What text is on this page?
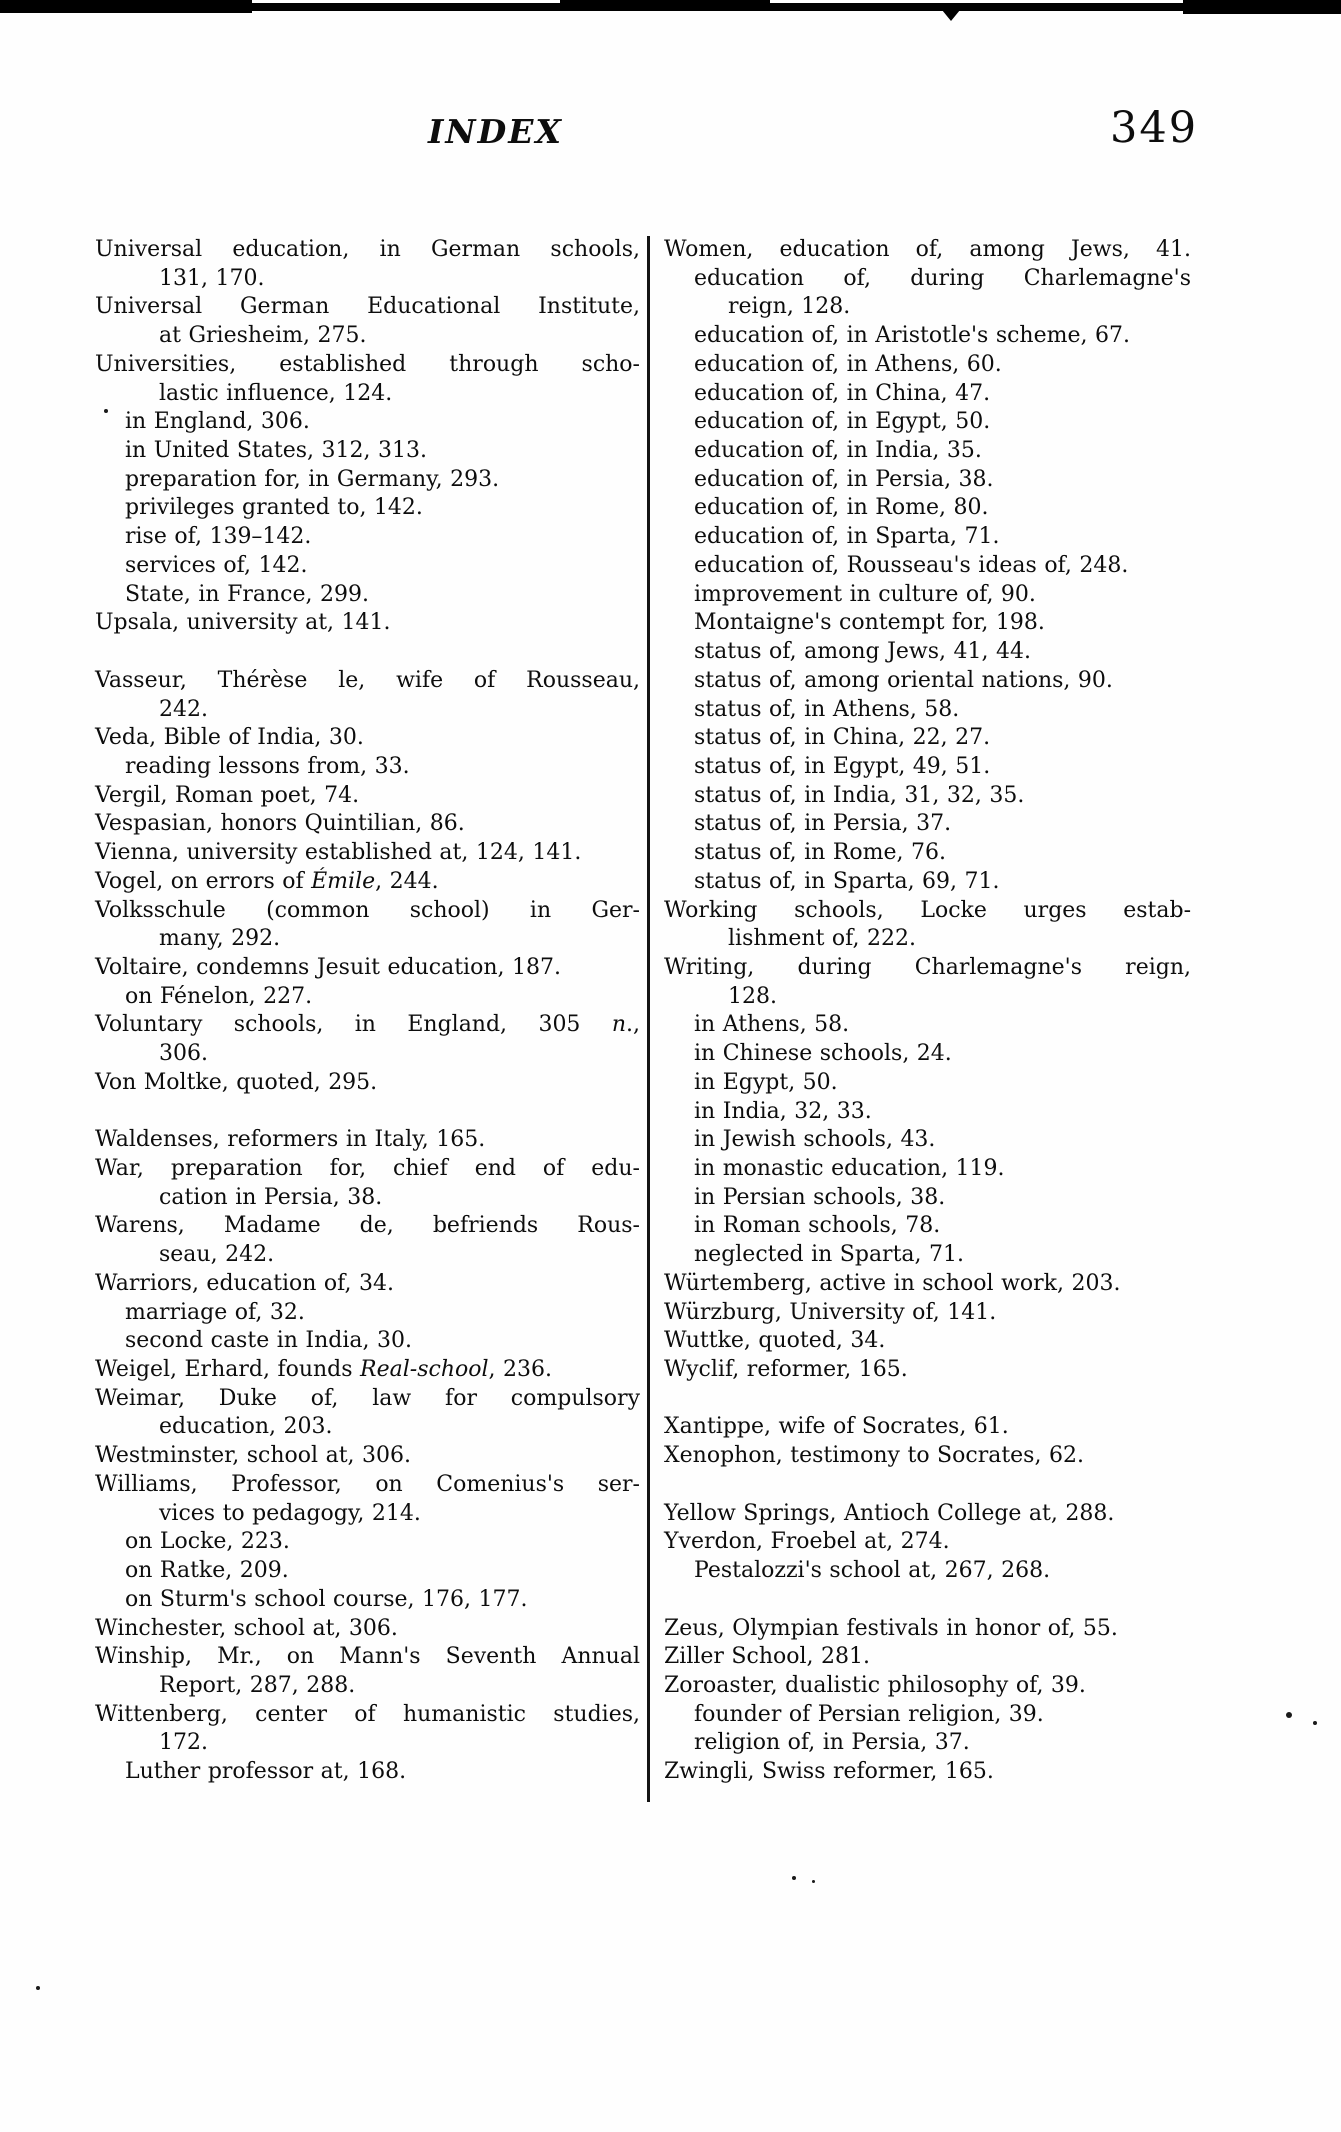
INDEX	349
Universal education, in German schools,
131, 170.
Universal German Educational Institute,
at Griesheim, 275.
Universities, established through scho-
lastic influence, 124.
in England, 306.
in United States, 312, 313.
preparation for, in Germany, 293.
privileges granted to, 142.
rise of, 139–142.
services of, 142.
State, in France, 299.
Upsala, university at, 141.

Vasseur, Thérèse le, wife of Rousseau,
242.
Veda, Bible of India, 30.
reading lessons from, 33.
Vergil, Roman poet, 74.
Vespasian, honors Quintilian, 86.
Vienna, university established at, 124, 141.
Vogel, on errors of Émile, 244.
Volksschule (common school) in Ger-
many, 292.
Voltaire, condemns Jesuit education, 187.
on Fénelon, 227.
Voluntary schools, in England, 305 n.,
306.
Von Moltke, quoted, 295.

Waldenses, reformers in Italy, 165.
War, preparation for, chief end of edu-
cation in Persia, 38.
Warens, Madame de, befriends Rous-
seau, 242.
Warriors, education of, 34.
marriage of, 32.
second caste in India, 30.
Weigel, Erhard, founds Real-school, 236.
Weimar, Duke of, law for compulsory
education, 203.
Westminster, school at, 306.
Williams, Professor, on Comenius's ser-
vices to pedagogy, 214.
on Locke, 223.
on Ratke, 209.
on Sturm's school course, 176, 177.
Winchester, school at, 306.
Winship, Mr., on Mann's Seventh Annual
Report, 287, 288.
Wittenberg, center of humanistic studies,
172.
Luther professor at, 168.
Women, education of, among Jews, 41.
education of, during Charlemagne's
reign, 128.
education of, in Aristotle's scheme, 67.
education of, in Athens, 60.
education of, in China, 47.
education of, in Egypt, 50.
education of, in India, 35.
education of, in Persia, 38.
education of, in Rome, 80.
education of, in Sparta, 71.
education of, Rousseau's ideas of, 248.
improvement in culture of, 90.
Montaigne's contempt for, 198.
status of, among Jews, 41, 44.
status of, among oriental nations, 90.
status of, in Athens, 58.
status of, in China, 22, 27.
status of, in Egypt, 49, 51.
status of, in India, 31, 32, 35.
status of, in Persia, 37.
status of, in Rome, 76.
status of, in Sparta, 69, 71.
Working schools, Locke urges estab-
lishment of, 222.
Writing, during Charlemagne's reign,
128.
in Athens, 58.
in Chinese schools, 24.
in Egypt, 50.
in India, 32, 33.
in Jewish schools, 43.
in monastic education, 119.
in Persian schools, 38.
in Roman schools, 78.
neglected in Sparta, 71.
Würtemberg, active in school work, 203.
Würzburg, University of, 141.
Wuttke, quoted, 34.
Wyclif, reformer, 165.

Xantippe, wife of Socrates, 61.
Xenophon, testimony to Socrates, 62.

Yellow Springs, Antioch College at, 288.
Yverdon, Froebel at, 274.
Pestalozzi's school at, 267, 268.

Zeus, Olympian festivals in honor of, 55.
Ziller School, 281.
Zoroaster, dualistic philosophy of, 39.
founder of Persian religion, 39.
religion of, in Persia, 37.
Zwingli, Swiss reformer, 165.
